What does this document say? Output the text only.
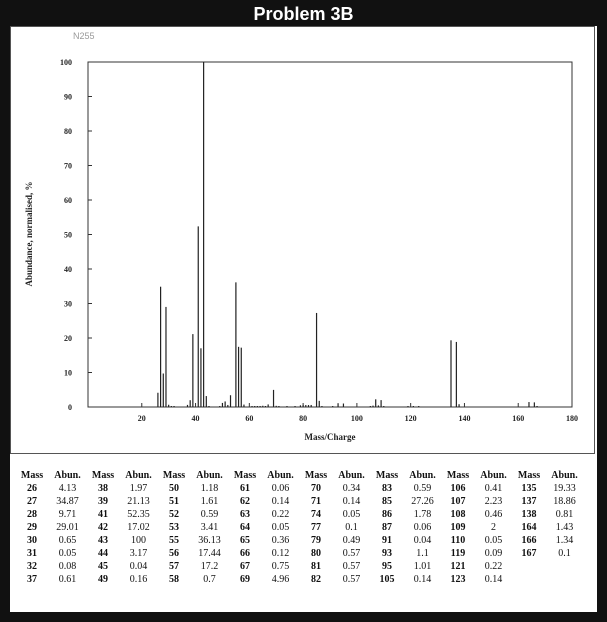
Problem 3B
N255
0
10
20
30
40
50
60
70
80
90
100
20	40	60	80	100	120	140	160	180
Mass/Charge
Abundance, normalised, %
Mass	Abun.	Mass	Abun.	Mass	Abun.	Mass	Abun.	Mass	Abun.	Mass	Abun.	Mass	Abun.	Mass	Abun.
26	4.13	38	1.97	50	1.18	61	0.06	70	0.34	83	0.59	106	0.41	135	19.33
27	34.87	39	21.13	51	1.61	62	0.14	71	0.14	85	27.26	107	2.23	137	18.86
28	9.71	41	52.35	52	0.59	63	0.22	74	0.05	86	1.78	108	0.46	138	0.81
29	29.01	42	17.02	53	3.41	64	0.05	77	0.1	87	0.06	109	2	164	1.43
30	0.65	43	100	55	36.13	65	0.36	79	0.49	91	0.04	110	0.05	166	1.34
31	0.05	44	3.17	56	17.44	66	0.12	80	0.57	93	1.1	119	0.09	167	0.1
32	0.08	45	0.04	57	17.2	67	0.75	81	0.57	95	1.01	121	0.22		
37	0.61	49	0.16	58	0.7	69	4.96	82	0.57	105	0.14	123	0.14		
